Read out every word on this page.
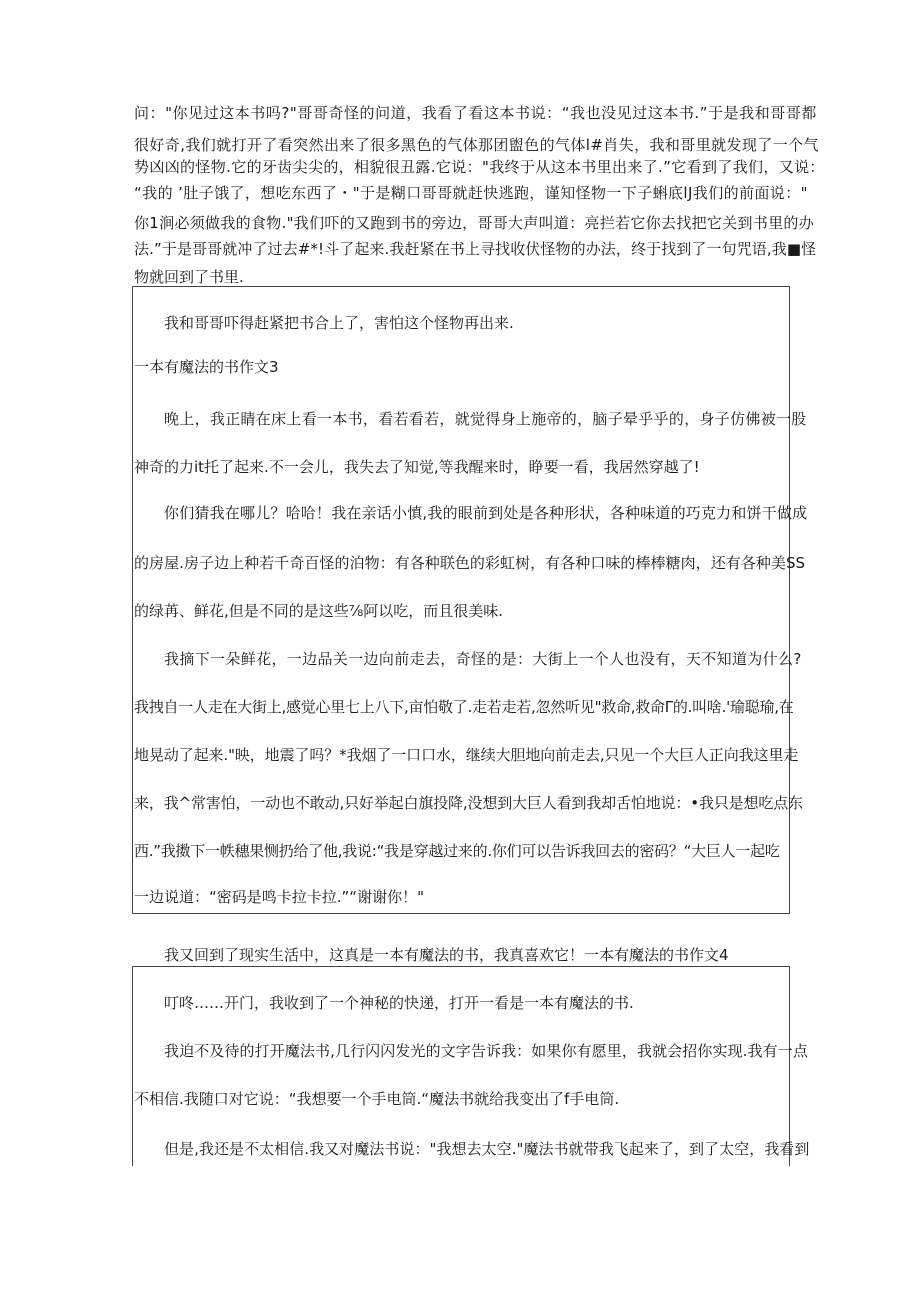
问："你见过这本书吗?"哥哥奇怪的问道，我看了看这本书说：“我也没见过这本书.”于是我和哥哥都
很好奇,我们就打开了看突然出来了很多黑色的气体那团盥色的气体l#肖失，我和哥里就发现了一个气
势凶凶的怪物.它的牙齿尖尖的，相貌很丑露.它说："我终于从这本书里出来了.”它看到了我们，又说：
“我的 ’肚子饿了，想吃东西了・"于是糊口哥哥就赶快逃跑，谨知怪物一下子蝌底lJ我们的前面说："
你1涧必须做我的食物."我们吓的又跑到书的旁边，哥哥大声叫道：亮拦若它你去找把它关到书里的办
法.”于是哥哥就冲了过去#*!斗了起来.我赶紧在书上寻找收伏怪物的办法，终于找到了一句咒语,我■怪
物就回到了书里.
我和哥哥吓得赶紧把书合上了，害怕这个怪物再出来.
一本有魔法的书作文3
晚上，我正睛在床上看一本书，看若看若，就觉得身上施帝的，脑子晕乎乎的，身子仿佛被一股
神奇的力it托了起来.不一会儿，我失去了知觉,等我醒来时，睁要一看，我居然穿越了!
你们猜我在哪儿？哈哈！我在亲话小慎,我的眼前到处是各种形状，各种味道的巧克力和饼干做成
的房屋.房子边上种若千奇百怪的泊物：有各种联色的彩虹树，有各种口味的棒棒糖肉，还有各种美SS
的绿苒、鲜花,但是不同的是这些⅞阿以吃，而且很美味.
我摘下一朵鲜花，一边品关一边向前走去，奇怪的是：大街上一个人也没有，天不知道为什么?
我拽自一人走在大街上,感觉心里七上八下,亩怕敬了.走若走若,忽然听见"救命,救命Γ的.叫啥.'瑜聪瑜,在
地晃动了起来."映，地震了吗？*我烟了一口口水，继续大胆地向前走去,只见一个大巨人正向我这里走
来，我^常害怕，一动也不敢动,只好举起白旗投降,没想到大巨人看到我却舌怕地说：•我只是想吃点东
西.”我擞下一帙穗果恻扔给了他,我说:“我是穿越过来的.你们可以告诉我回去的密码？“大巨人一起吃
一边说道：“密码是鸣卡拉卡拉.”“谢谢你！"
我又回到了现实生活中，这真是一本有魔法的书，我真喜欢它！一本有魔法的书作文4
叮咚……开门，我收到了一个神秘的快递，打开一看是一本有魔法的书.
我迫不及待的打开魔法书,几行闪闪发光的文字告诉我：如果你有愿里，我就会招你实现.我有一点
不相信.我随口对它说：“我想要一个手电筒.“魔法书就给我变出了f手电筒.
但是,我还是不太相信.我又对魔法书说："我想去太空."魔法书就带我飞起来了，到了太空，我看到
